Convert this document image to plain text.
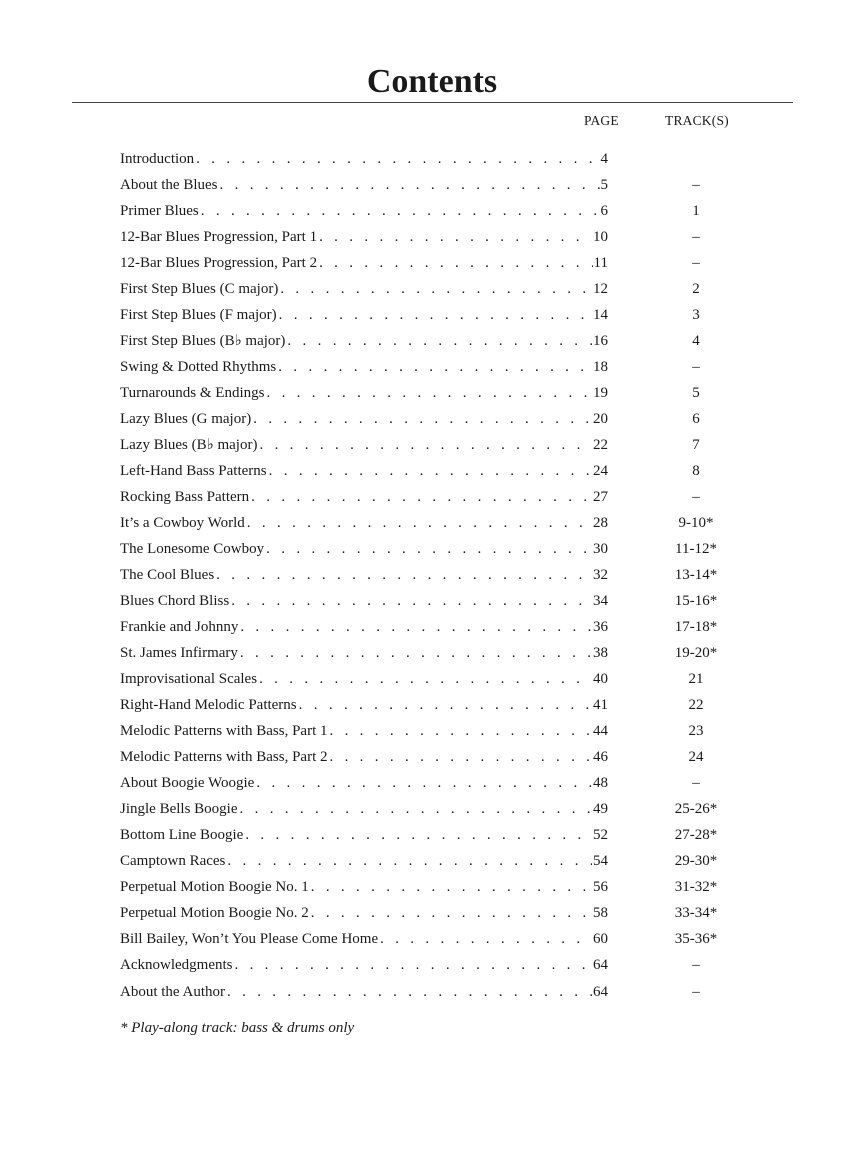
Contents
PAGE	TRACK(S)
Introduction . . .	4
About the Blues . . .	5	–
Primer Blues . . .	6	1
12-Bar Blues Progression, Part 1 . . .	10	–
12-Bar Blues Progression, Part 2 . . .	11	–
First Step Blues (C major) . . .	12	2
First Step Blues (F major) . . .	14	3
First Step Blues (B♭ major) . . .	16	4
Swing & Dotted Rhythms . . .	18	–
Turnarounds & Endings . . .	19	5
Lazy Blues (G major) . . .	20	6
Lazy Blues (B♭ major) . . .	22	7
Left-Hand Bass Patterns . . .	24	8
Rocking Bass Pattern . . .	27	–
It’s a Cowboy World . . .	28	9-10*
The Lonesome Cowboy . . .	30	11-12*
The Cool Blues . . .	32	13-14*
Blues Chord Bliss . . .	34	15-16*
Frankie and Johnny . . .	36	17-18*
St. James Infirmary . . .	38	19-20*
Improvisational Scales . . .	40	21
Right-Hand Melodic Patterns . . .	41	22
Melodic Patterns with Bass, Part 1 . . .	44	23
Melodic Patterns with Bass, Part 2 . . .	46	24
About Boogie Woogie . . .	48	–
Jingle Bells Boogie . . .	49	25-26*
Bottom Line Boogie . . .	52	27-28*
Camptown Races . . .	54	29-30*
Perpetual Motion Boogie No. 1 . . .	56	31-32*
Perpetual Motion Boogie No. 2 . . .	58	33-34*
Bill Bailey, Won’t You Please Come Home . . .	60	35-36*
Acknowledgments . . .	64	–
About the Author . . .	64	–
* Play-along track: bass & drums only
